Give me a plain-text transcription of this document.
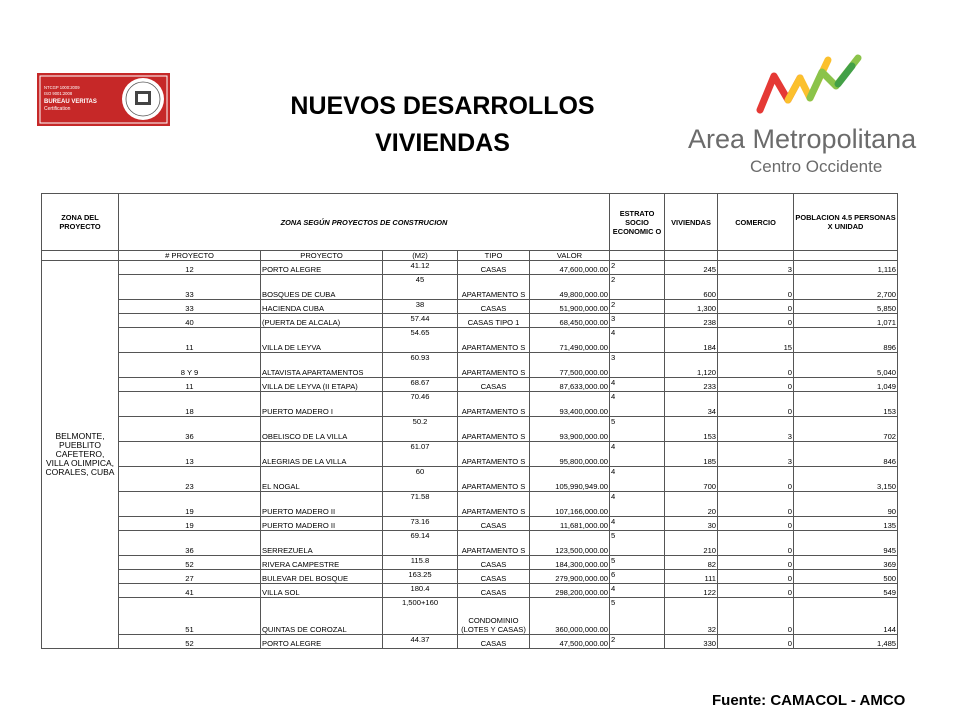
NTCGP 1000:2009
ISO 9001:2008
BUREAU VERITAS
Certification	NUEVOS DESARROLLOS
VIVIENDAS	Area Metropolitana
Centro Occidente
ZONA DEL PROYECTO	ZONA SEGÚN PROYECTOS DE CONSTRUCION					ESTRATO SOCIO ECONOMIC O	VIVIENDAS	COMERCIO	POBLACION 4.5 PERSONAS X UNIDAD
	# PROYECTO	PROYECTO	(M2)	TIPO	VALOR				
BELMONTE, PUEBLITO CAFETERO, VILLA OLIMPICA, CORALES, CUBA	12	PORTO ALEGRE	41.12	CASAS	47,600,000.00	2	245	3	1,116
	33	BOSQUES DE CUBA	45	APARTAMENTO S	49,800,000.00	2	600	0	2,700
	33	HACIENDA CUBA	38	CASAS	51,900,000.00	2	1,300	0	5,850
	40	(PUERTA DE ALCALA)	57.44	CASAS TIPO 1	68,450,000.00	3	238	0	1,071
	11	VILLA DE LEYVA	54.65	APARTAMENTO S	71,490,000.00	4	184	15	896
	8 Y 9	ALTAVISTA APARTAMENTOS	60.93	APARTAMENTO S	77,500,000.00	3	1,120	0	5,040
	11	VILLA DE LEYVA (II ETAPA)	68.67	CASAS	87,633,000.00	4	233	0	1,049
	18	PUERTO MADERO I	70.46	APARTAMENTO S	93,400,000.00	4	34	0	153
	36	OBELISCO DE LA VILLA	50.2	APARTAMENTO S	93,900,000.00	5	153	3	702
	13	ALEGRIAS DE LA VILLA	61.07	APARTAMENTO S	95,800,000.00	4	185	3	846
	23	EL NOGAL	60	APARTAMENTO S	105,990,949.00	4	700	0	3,150
	19	PUERTO MADERO II	71.58	APARTAMENTO S	107,166,000.00	4	20	0	90
	19	PUERTO MADERO II	73.16	CASAS	11,681,000.00	4	30	0	135
	36	SERREZUELA	69.14	APARTAMENTO S	123,500,000.00	5	210	0	945
	52	RIVERA CAMPESTRE	115.8	CASAS	184,300,000.00	5	82	0	369
	27	BULEVAR DEL BOSQUE	163.25	CASAS	279,900,000.00	6	111	0	500
	41	VILLA SOL	180.4	CASAS	298,200,000.00	4	122	0	549
	51	QUINTAS DE COROZAL	1,500+160	CONDOMINIO (LOTES Y CASAS)	360,000,000.00	5	32	0	144
	52	PORTO ALEGRE	44.37	CASAS	47,500,000.00	2	330	0	1,485
Fuente: CAMACOL - AMCO
